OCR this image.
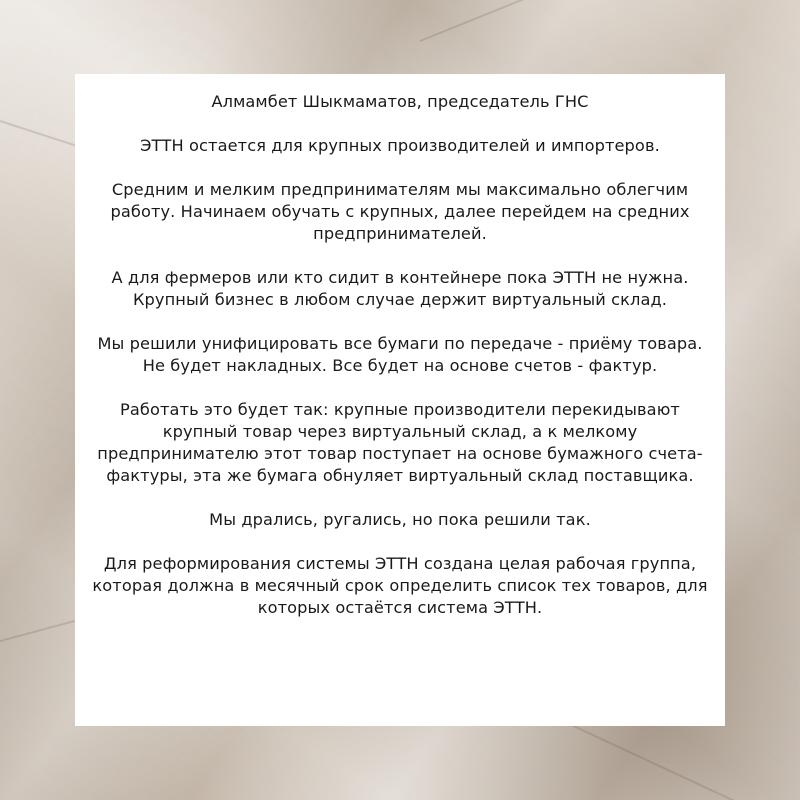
Алмамбет Шыкмаматов, председатель ГНС

ЭТТН остается для крупных производителей и импортеров.

Средним и мелким предпринимателям мы максимально облегчим работу. Начинаем обучать с крупных, далее перейдем на средних предпринимателей.

А для фермеров или кто сидит в контейнере пока ЭТТН не нужна. Крупный бизнес в любом случае держит виртуальный склад.

Мы решили унифицировать все бумаги по передаче - приёму товара. Не будет накладных. Все будет на основе счетов - фактур.

Работать это будет так: крупные производители перекидывают крупный товар через виртуальный склад, а к мелкому предпринимателю этот товар поступает на основе бумажного счета-фактуры, эта же бумага обнуляет виртуальный склад поставщика.

Мы дрались, ругались, но пока решили так.

Для реформирования системы ЭТТН создана целая рабочая группа, которая должна в месячный срок определить список тех товаров, для которых остаётся система ЭТТН.
